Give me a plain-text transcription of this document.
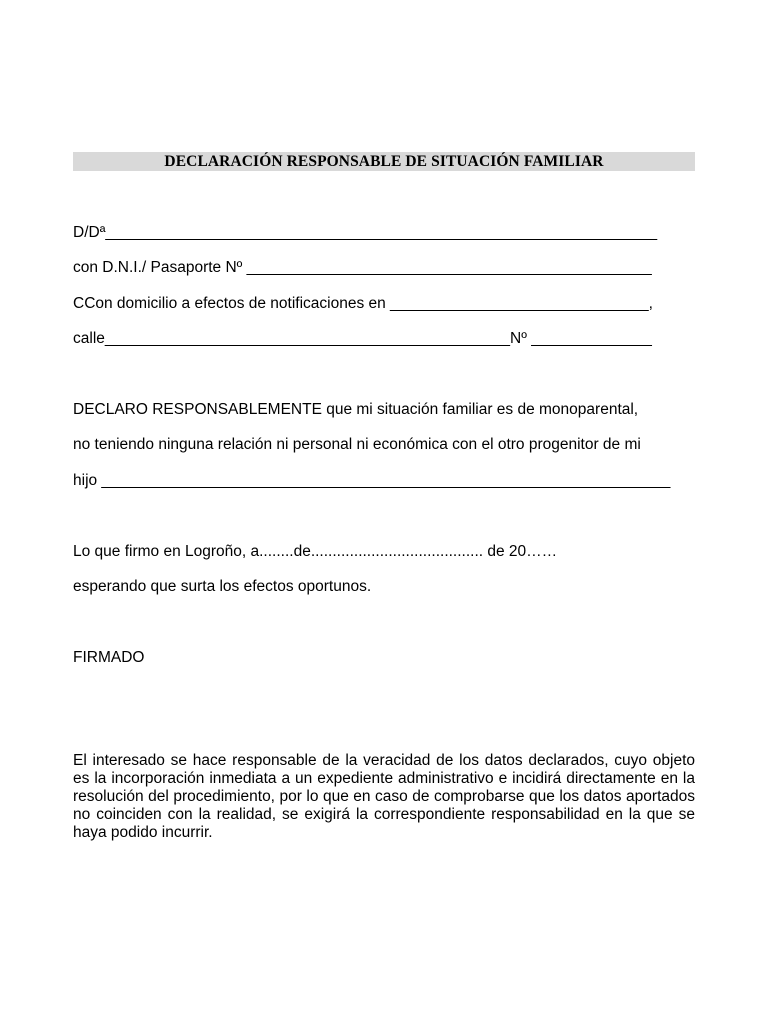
DECLARACIÓN RESPONSABLE DE SITUACIÓN FAMILIAR
D/Dª________________________________________________________________
con D.N.I./ Pasaporte Nº _______________________________________________
CCon domicilio a efectos de notificaciones en ______________________________,
calle_______________________________________________Nº ______________
DECLARO RESPONSABLEMENTE que mi situación familiar es de monoparental,
no teniendo ninguna relación ni personal ni económica con el otro progenitor de mi
hijo __________________________________________________________________
Lo que firmo en Logroño, a........de........................................ de 20……
esperando que surta los efectos oportunos.
FIRMADO
El interesado se hace responsable de la veracidad de los datos declarados, cuyo objeto es la incorporación inmediata a un expediente administrativo e incidirá directamente en la resolución del procedimiento, por lo que en caso de comprobarse que los datos aportados no coinciden con la realidad, se exigirá la correspondiente responsabilidad en la que se haya podido incurrir.
